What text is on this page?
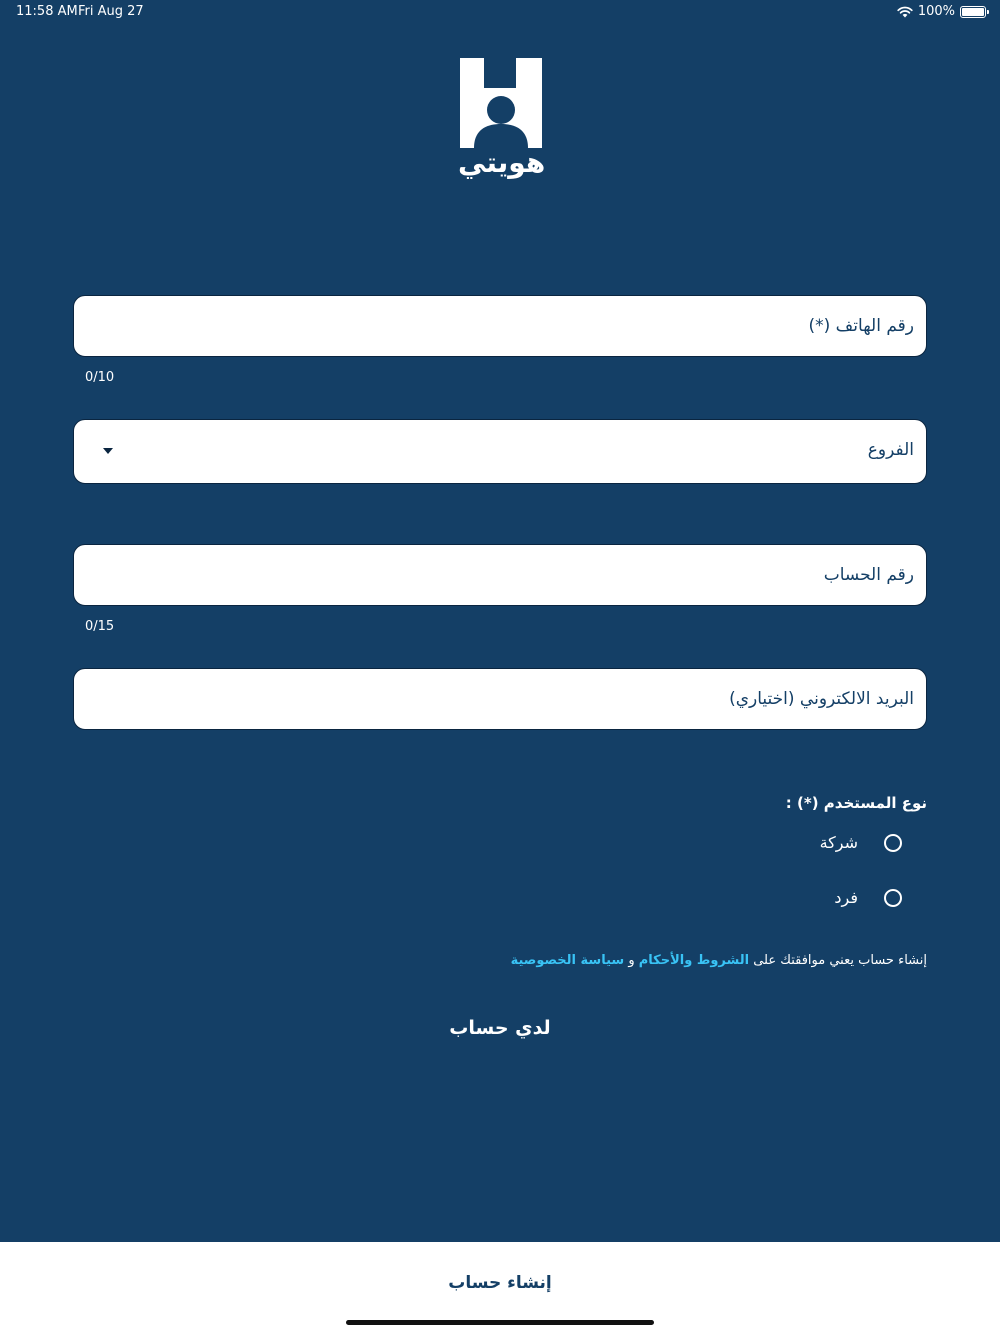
11:58 AM Fri Aug 27	100%
هويتي
رقم الهاتف (*)
0/10
الفروع
رقم الحساب
0/15
البريد الالكتروني (اختياري)
نوع المستخدم (*) :
شركة
فرد
إنشاء حساب يعني موافقتك على الشروط والأحكام و سياسة الخصوصية
لدي حساب
إنشاء حساب
